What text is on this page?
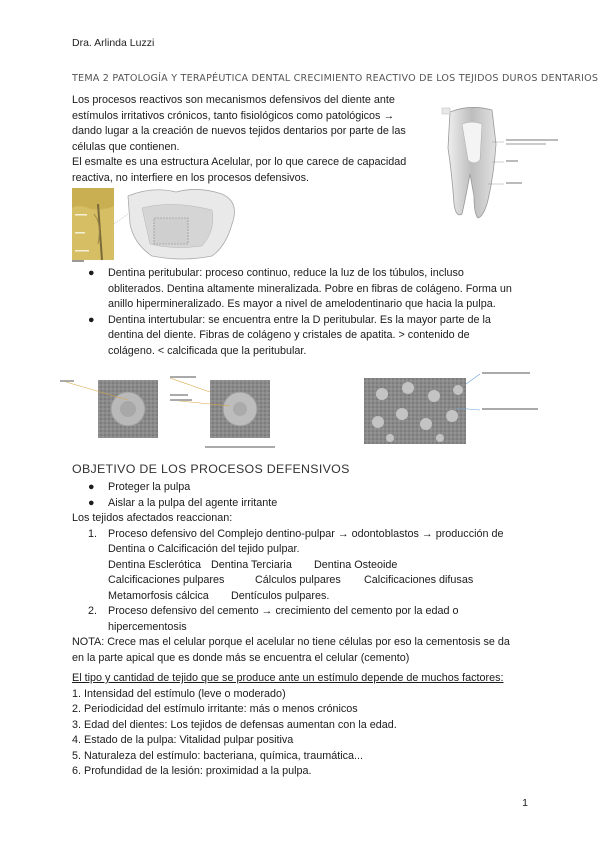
Dra. Arlinda Luzzi
TEMA 2 PATOLOGÍA Y TERAPÉUTICA DENTAL CRECIMIENTO REACTIVO DE LOS TEJIDOS DUROS DENTARIOS
Los procesos reactivos son mecanismos defensivos del diente ante
estímulos irritativos crónicos, tanto fisiológicos como patológicos →
dando lugar a la creación de nuevos tejidos dentarios por parte de las
células que contienen.
El esmalte es una estructura Acelular, por lo que carece de capacidad
reactiva, no interfiere en los procesos defensivos.
● Dentina peritubular: proceso continuo, reduce la luz de los túbulos, incluso
obliterados. Dentina altamente mineralizada. Pobre en fibras de colágeno. Forma un
anillo hipermineralizado. Es mayor a nivel de amelodentinario que hacia la pulpa.
● Dentina intertubular: se encuentra entre la D peritubular. Es la mayor parte de la
dentina del diente. Fibras de colágeno y cristales de apatita. > contenido de
colágeno. < calcificada que la peritubular.
OBJETIVO DE LOS PROCESOS DEFENSIVOS
● Proteger la pulpa
● Aislar a la pulpa del agente irritante
Los tejidos afectados reaccionan:
1. Proceso defensivo del Complejo dentino-pulpar → odontoblastos → producción de
Dentina o Calcificación del tejido pulpar.
Dentina Esclerótica Dentina Terciaria Dentina Osteoide
Calcificaciones pulpares	Cálculos pulpares Calcificaciones difusas
Metamorfosis cálcica Dentículos pulpares.
2. Proceso defensivo del cemento → crecimiento del cemento por la edad o
hipercementosis
NOTA: Crece mas el celular porque el acelular no tiene células por eso la cementosis se da
en la parte apical que es donde más se encuentra el celular (cemento)
El tipo y cantidad de tejido que se produce ante un estímulo depende de muchos factores:
1. Intensidad del estímulo (leve o moderado)
2. Periodicidad del estímulo irritante: más o menos crónicos
3. Edad del dientes: Los tejidos de defensas aumentan con la edad.
4. Estado de la pulpa: Vitalidad pulpar positiva
5. Naturaleza del estímulo: bacteriana, química, traumática...
6. Profundidad de la lesión: proximidad a la pulpa.
1
